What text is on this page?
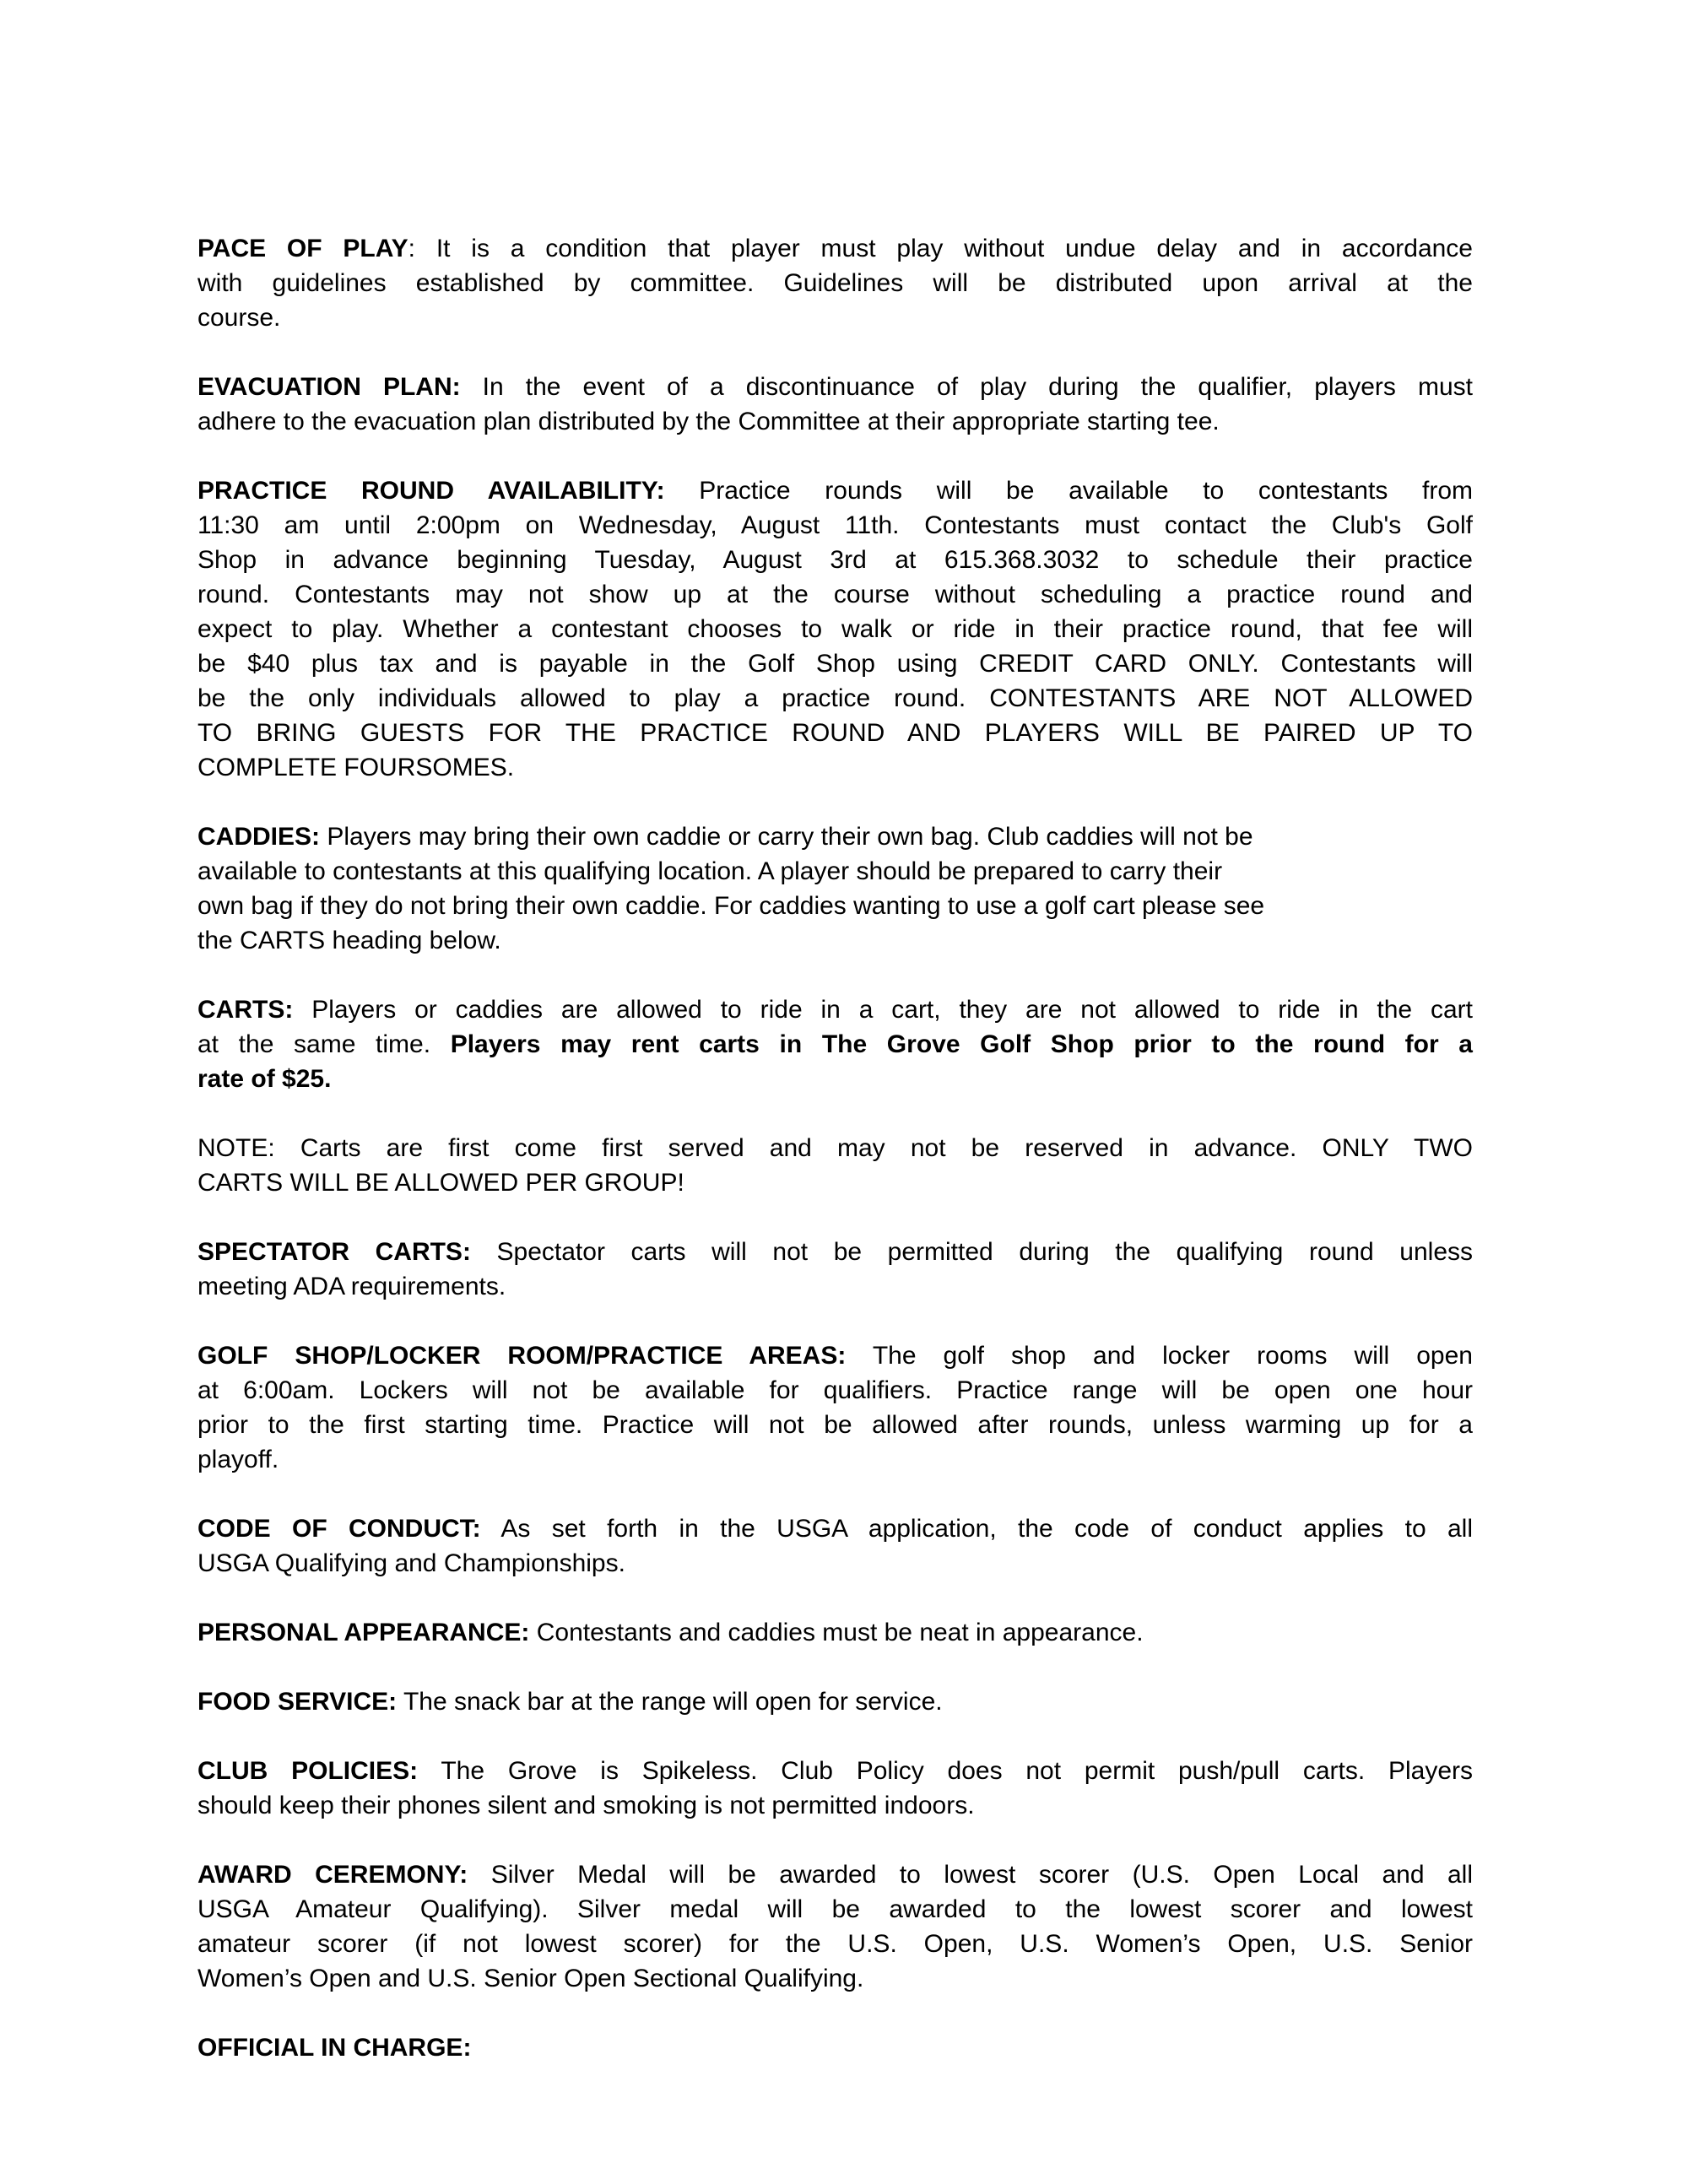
PACE OF PLAY: It is a condition that player must play without undue delay and in accordance
with guidelines established by committee. Guidelines will be distributed upon arrival at the
course.
EVACUATION PLAN: In the event of a discontinuance of play during the qualifier, players must
adhere to the evacuation plan distributed by the Committee at their appropriate starting tee.
PRACTICE ROUND AVAILABILITY: Practice rounds will be available to contestants from
11:30 am until 2:00pm on Wednesday, August 11th. Contestants must contact the Club's Golf
Shop in advance beginning Tuesday, August 3rd at 615.368.3032 to schedule their practice
round. Contestants may not show up at the course without scheduling a practice round and
expect to play. Whether a contestant chooses to walk or ride in their practice round, that fee will
be $40 plus tax and is payable in the Golf Shop using CREDIT CARD ONLY. Contestants will
be the only individuals allowed to play a practice round. CONTESTANTS ARE NOT ALLOWED
TO BRING GUESTS FOR THE PRACTICE ROUND AND PLAYERS WILL BE PAIRED UP TO
COMPLETE FOURSOMES.
CADDIES: Players may bring their own caddie or carry their own bag. Club caddies will not be
available to contestants at this qualifying location. A player should be prepared to carry their
own bag if they do not bring their own caddie. For caddies wanting to use a golf cart please see
the CARTS heading below.
CARTS: Players or caddies are allowed to ride in a cart, they are not allowed to ride in the cart
at the same time. Players may rent carts in The Grove Golf Shop prior to the round for a
rate of $25.
NOTE: Carts are first come first served and may not be reserved in advance. ONLY TWO
CARTS WILL BE ALLOWED PER GROUP!
SPECTATOR CARTS: Spectator carts will not be permitted during the qualifying round unless
meeting ADA requirements.
GOLF SHOP/LOCKER ROOM/PRACTICE AREAS: The golf shop and locker rooms will open
at 6:00am. Lockers will not be available for qualifiers. Practice range will be open one hour
prior to the first starting time. Practice will not be allowed after rounds, unless warming up for a
playoff.
CODE OF CONDUCT: As set forth in the USGA application, the code of conduct applies to all
USGA Qualifying and Championships.
PERSONAL APPEARANCE: Contestants and caddies must be neat in appearance.
FOOD SERVICE: The snack bar at the range will open for service.
CLUB POLICIES: The Grove is Spikeless. Club Policy does not permit push/pull carts. Players
should keep their phones silent and smoking is not permitted indoors.
AWARD CEREMONY: Silver Medal will be awarded to lowest scorer (U.S. Open Local and all
USGA Amateur Qualifying). Silver medal will be awarded to the lowest scorer and lowest
amateur scorer (if not lowest scorer) for the U.S. Open, U.S. Women’s Open, U.S. Senior
Women’s Open and U.S. Senior Open Sectional Qualifying.
OFFICIAL IN CHARGE:
